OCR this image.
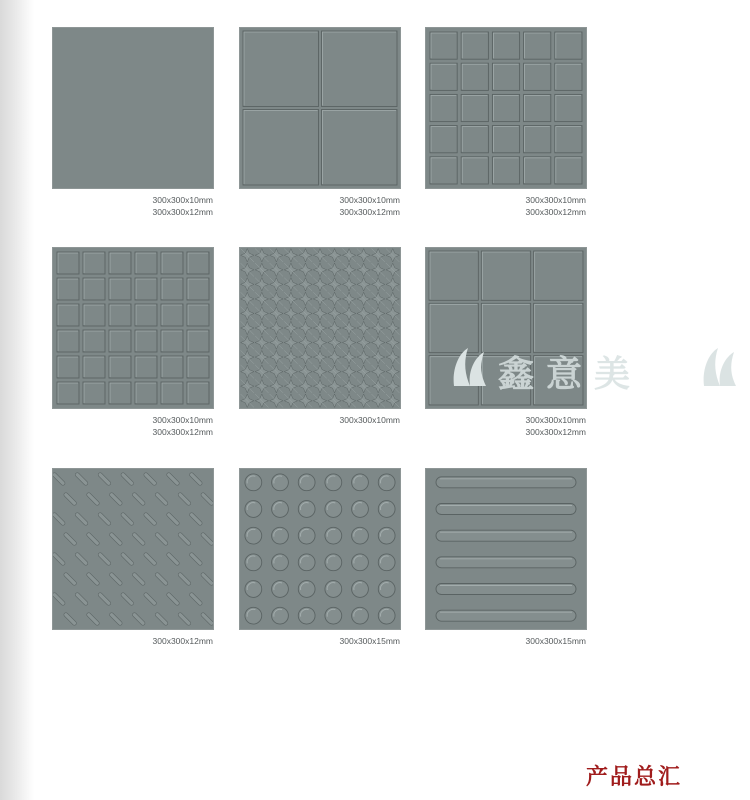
300x300x10mm
300x300x12mm
300x300x10mm
300x300x12mm
300x300x10mm
300x300x12mm
300x300x10mm
300x300x12mm
300x300x10mm	300x300x10mm
300x300x12mm
300x300x12mm	300x300x15mm	300x300x15mm
鑫意美
产品总汇
